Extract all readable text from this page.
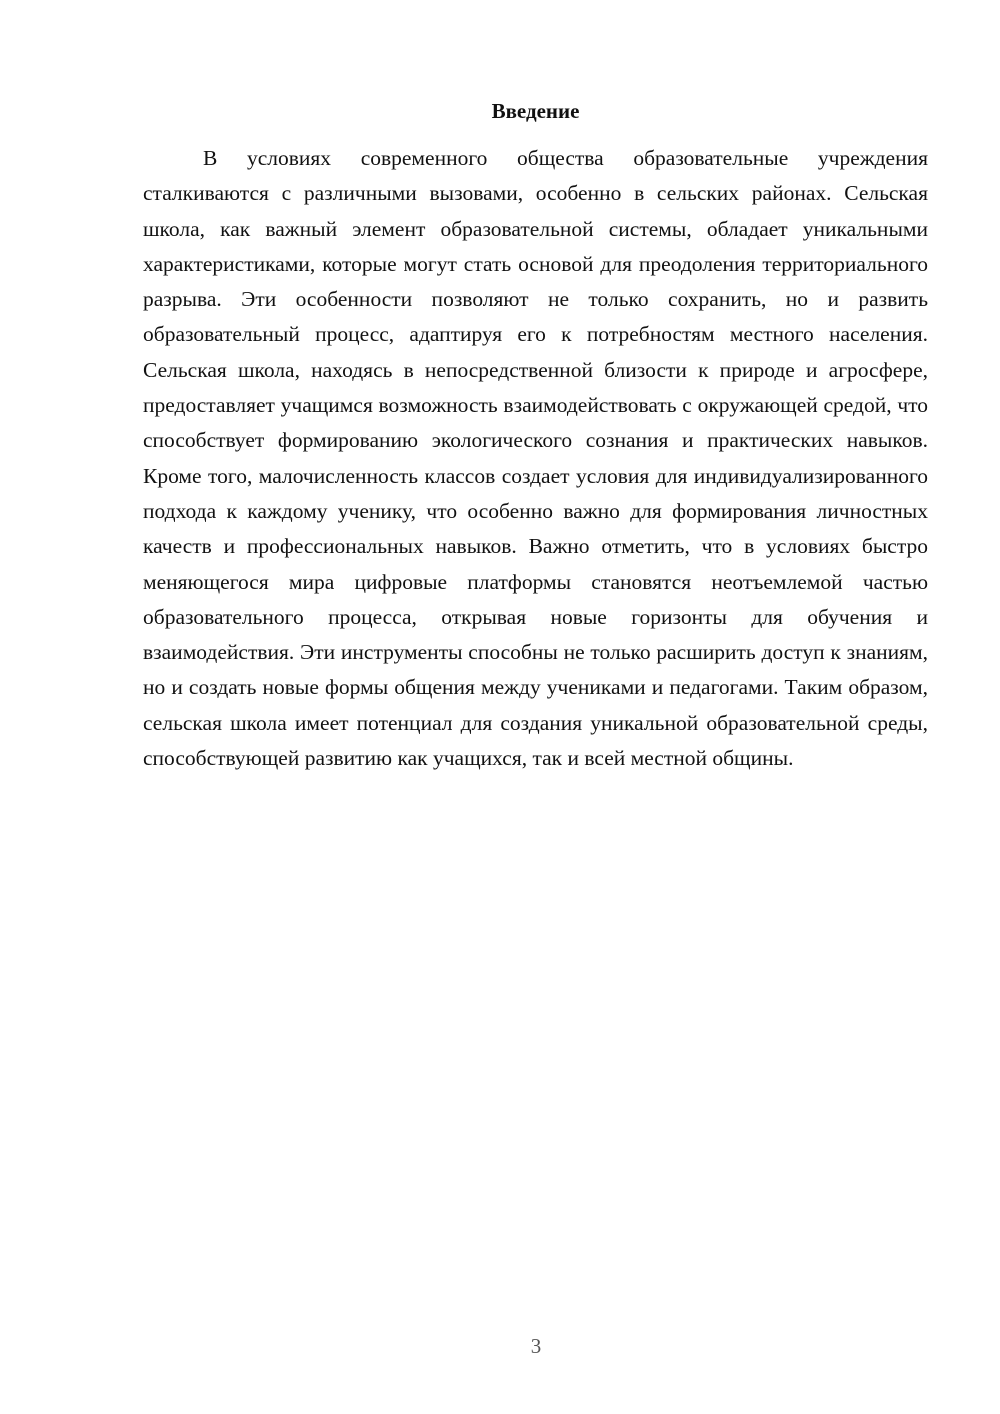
Введение

В условиях современного общества образовательные учреждения сталкиваются с различными вызовами, особенно в сельских районах. Сельская школа, как важный элемент образовательной системы, обладает уникальными характеристиками, которые могут стать основой для преодоления территориального разрыва. Эти особенности позволяют не только сохранить, но и развить образовательный процесс, адаптируя его к потребностям местного населения. Сельская школа, находясь в непосредственной близости к природе и агросфере, предоставляет учащимся возможность взаимодействовать с окружающей средой, что способствует формированию экологического сознания и практических навыков. Кроме того, малочисленность классов создает условия для индивидуализированного подхода к каждому ученику, что особенно важно для формирования личностных качеств и профессиональных навыков. Важно отметить, что в условиях быстро меняющегося мира цифровые платформы становятся неотъемлемой частью образовательного процесса, открывая новые горизонты для обучения и взаимодействия. Эти инструменты способны не только расширить доступ к знаниям, но и создать новые формы общения между учениками и педагогами. Таким образом, сельская школа имеет потенциал для создания уникальной образовательной среды, способствующей развитию как учащихся, так и всей местной общины.

3
